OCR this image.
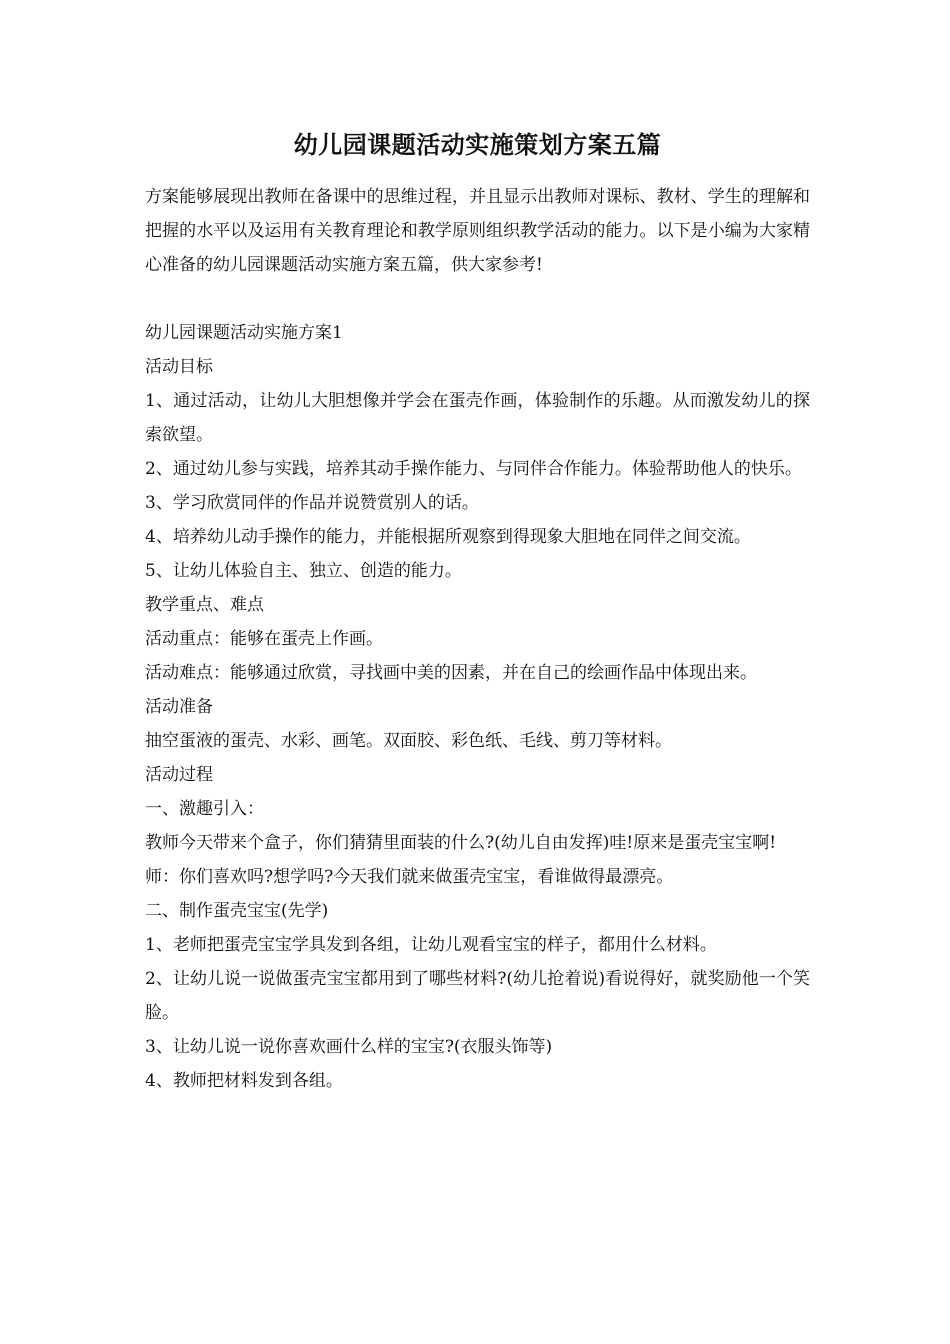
幼儿园课题活动实施策划方案五篇

方案能够展现出教师在备课中的思维过程，并且显示出教师对课标、教材、学生的理解和把握的水平以及运用有关教育理论和教学原则组织教学活动的能力。以下是小编为大家精心准备的幼儿园课题活动实施方案五篇，供大家参考!

幼儿园课题活动实施方案1

活动目标

1、通过活动，让幼儿大胆想像并学会在蛋壳作画，体验制作的乐趣。从而激发幼儿的探索欲望。

2、通过幼儿参与实践，培养其动手操作能力、与同伴合作能力。体验帮助他人的快乐。

3、学习欣赏同伴的作品并说赞赏别人的话。

4、培养幼儿动手操作的能力，并能根据所观察到得现象大胆地在同伴之间交流。

5、让幼儿体验自主、独立、创造的能力。

教学重点、难点

活动重点：能够在蛋壳上作画。

活动难点：能够通过欣赏，寻找画中美的因素，并在自己的绘画作品中体现出来。

活动准备

抽空蛋液的蛋壳、水彩、画笔。双面胶、彩色纸、毛线、剪刀等材料。

活动过程

一、激趣引入：

教师今天带来个盒子，你们猜猜里面装的什么?(幼儿自由发挥)哇!原来是蛋壳宝宝啊!

师：你们喜欢吗?想学吗?今天我们就来做蛋壳宝宝，看谁做得最漂亮。

二、制作蛋壳宝宝(先学)

1、老师把蛋壳宝宝学具发到各组，让幼儿观看宝宝的样子，都用什么材料。

2、让幼儿说一说做蛋壳宝宝都用到了哪些材料?(幼儿抢着说)看说得好，就奖励他一个笑脸。

3、让幼儿说一说你喜欢画什么样的宝宝?(衣服头饰等)

4、教师把材料发到各组。
